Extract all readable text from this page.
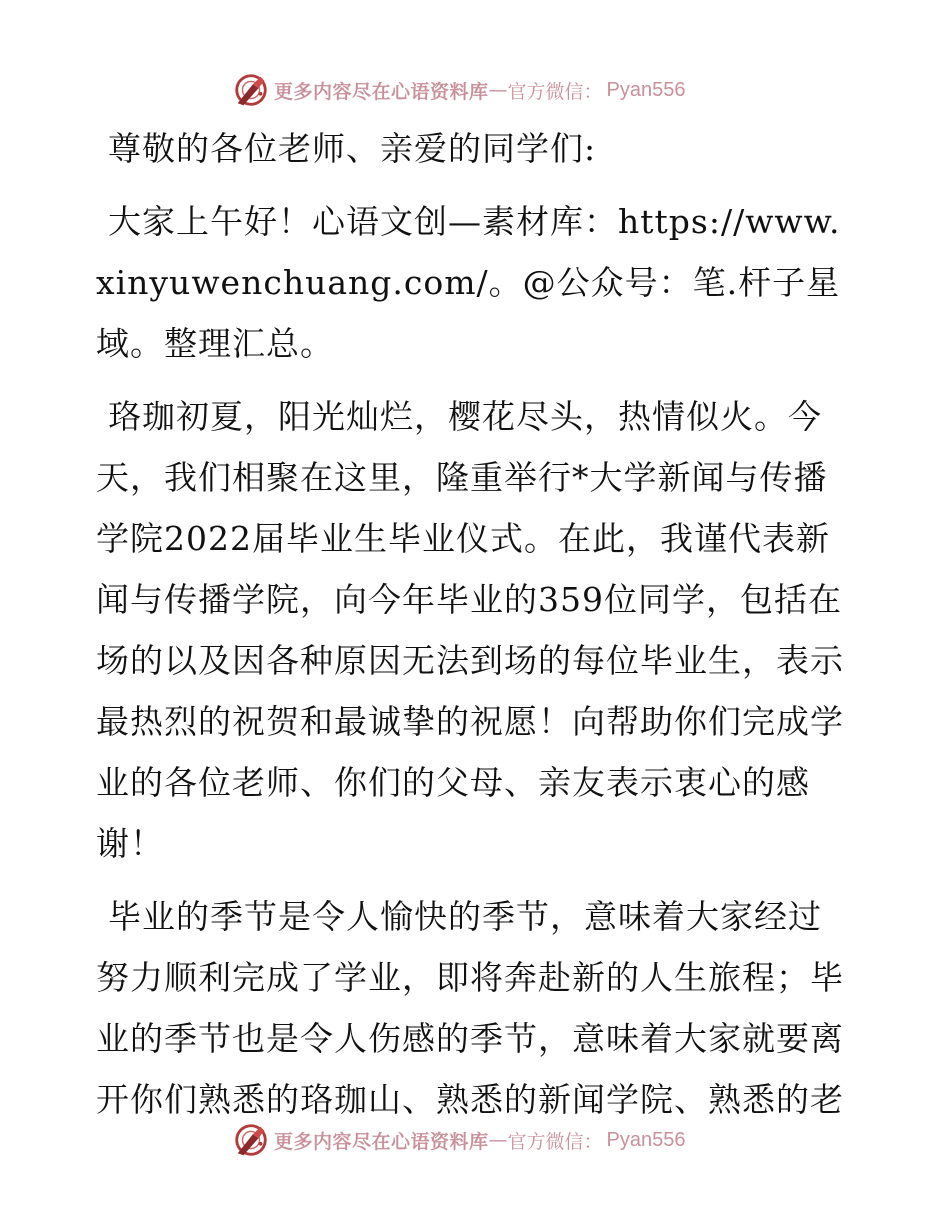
更多内容尽在心语资料库 — 官方微信： Pyan556

尊敬的各位老师、亲爱的同学们:

大家上午好！心语文创—素材库：https://www.xinyuwenchuang.com/。@公众号：笔.杆子星域。整理汇总。

珞珈初夏，阳光灿烂，樱花尽头，热情似火。今天，我们相聚在这里，隆重举行*大学新闻与传播学院2022届毕业生毕业仪式。在此，我谨代表新闻与传播学院，向今年毕业的359位同学，包括在场的以及因各种原因无法到场的每位毕业生，表示最热烈的祝贺和最诚挚的祝愿！向帮助你们完成学业的各位老师、你们的父母、亲友表示衷心的感谢！

毕业的季节是令人愉快的季节，意味着大家经过努力顺利完成了学业，即将奔赴新的人生旅程；毕业的季节也是令人伤感的季节，意味着大家就要离开你们熟悉的珞珈山、熟悉的新闻学院、熟悉的老

更多内容尽在心语资料库 — 官方微信： Pyan556
